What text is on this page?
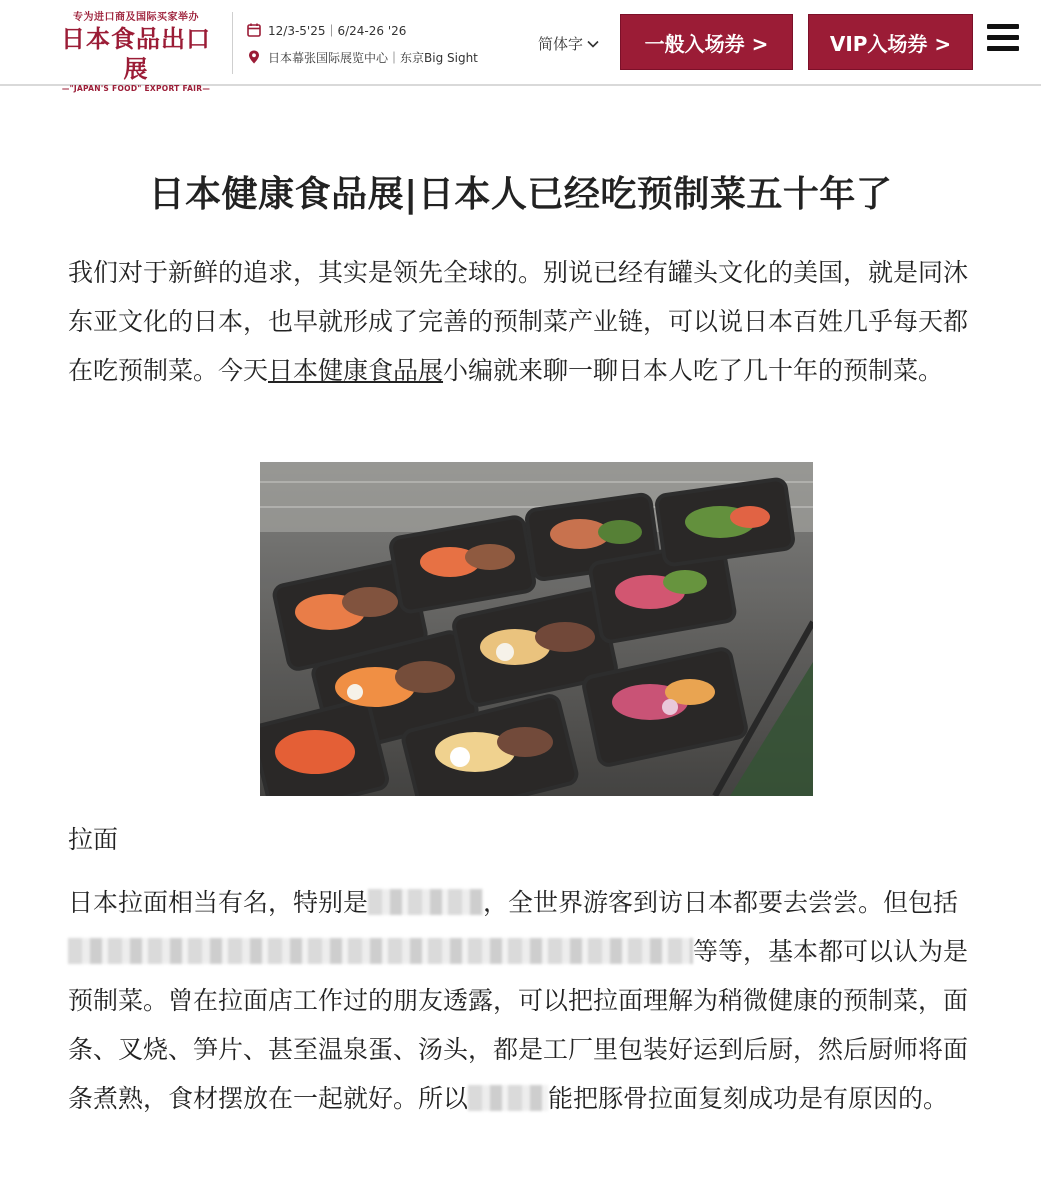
专为进口商及国际买家举办
日本食品出口展
—"JAPAN'S FOOD" EXPORT FAIR—
12/3-5'25｜6/24-26 '26
日本幕张国际展览中心｜东京Big Sight
简体字	一般入场券 >	VIP入场券 >
日本健康食品展|日本人已经吃预制菜五十年了

我们对于新鲜的追求，其实是领先全球的。别说已经有罐头文化的美国，就是同沐东亚文化的日本，也早就形成了完善的预制菜产业链，可以说日本百姓几乎每天都在吃预制菜。今天日本健康食品展小编就来聊一聊日本人吃了几十年的预制菜。

拉面

日本拉面相当有名，特别是	，全世界游客到访日本都要去尝尝。但包括等等，基本都可以认为是预制菜。曾在拉面店工作过的朋友透露，可以把拉面理解为稍微健康的预制菜，面条、叉烧、笋片、甚至温泉蛋、汤头，都是工厂里包装好运到后厨，然后厨师将面条煮熟，食材摆放在一起就好。所以	能把豚骨拉面复刻成功是有原因的。
